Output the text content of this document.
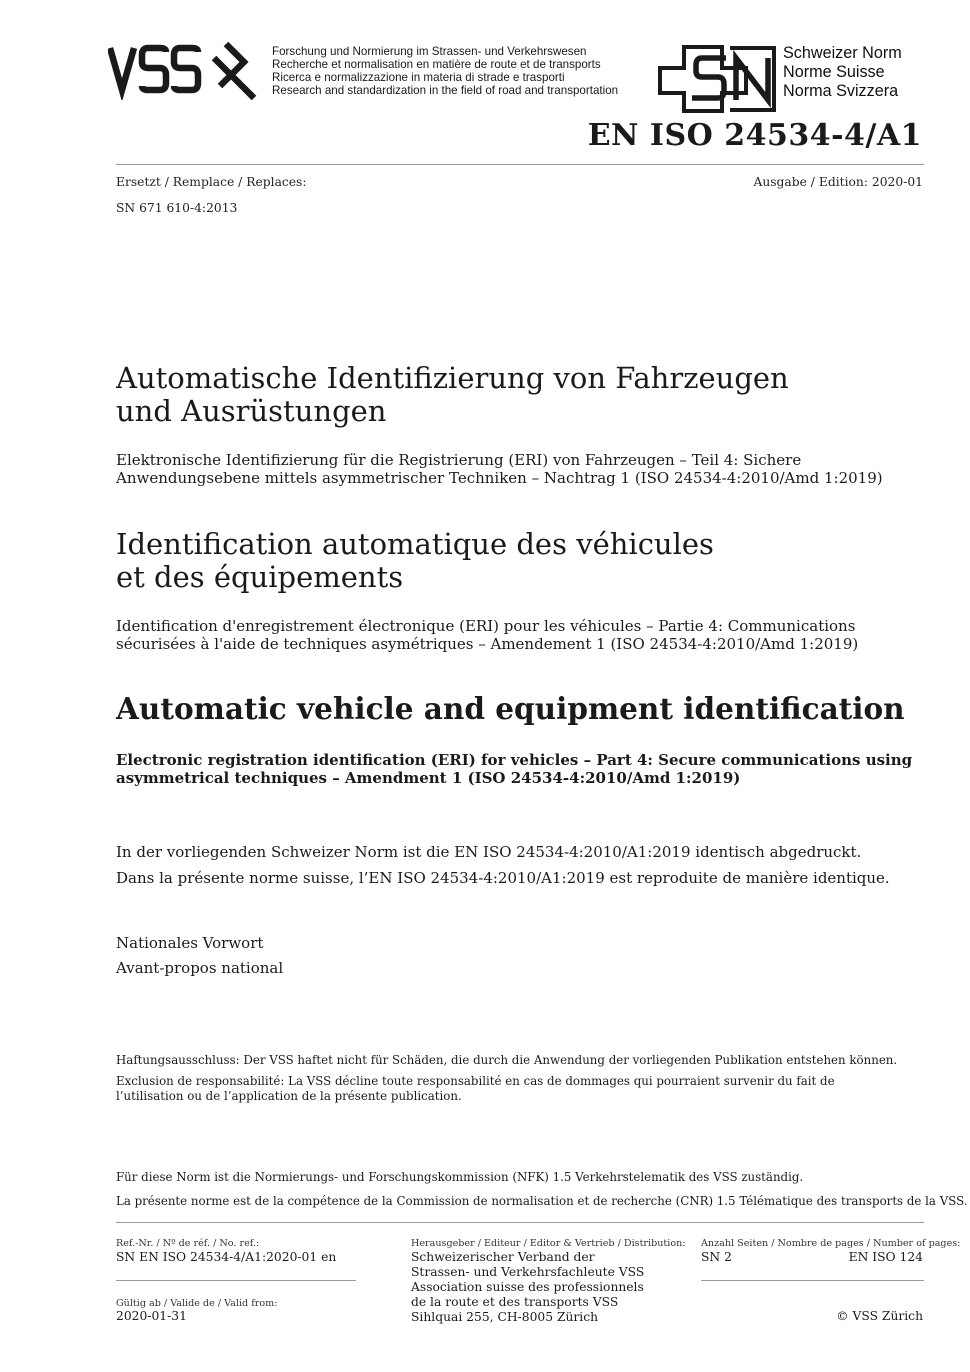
Forschung und Normierung im Strassen- und Verkehrswesen
Recherche et normalisation en matière de route et de transports
Ricerca e normalizzazione in materia di strade e trasporti
Research and standardization in the field of road and transportation
Schweizer Norm
Norme Suisse
Norma Svizzera
EN ISO 24534-4/A1
Ersetzt / Remplace / Replaces:	Ausgabe / Edition: 2020-01
SN 671 610-4:2013
Automatische Identifizierung von Fahrzeugen
und Ausrüstungen
Elektronische Identifizierung für die Registrierung (ERI) von Fahrzeugen – Teil 4: Sichere Anwendungsebene mittels asymmetrischer Techniken – Nachtrag 1 (ISO 24534-4:2010/Amd 1:2019)
Identification automatique des véhicules
et des équipements
Identification d'enregistrement électronique (ERI) pour les véhicules – Partie 4: Communications sécurisées à l'aide de techniques asymétriques – Amendement 1 (ISO 24534-4:2010/Amd 1:2019)
Automatic vehicle and equipment identification
Electronic registration identification (ERI) for vehicles – Part 4: Secure communications using asymmetrical techniques – Amendment 1 (ISO 24534-4:2010/Amd 1:2019)
In der vorliegenden Schweizer Norm ist die EN ISO 24534-4:2010/A1:2019 identisch abgedruckt.
Dans la présente norme suisse, l’EN ISO 24534-4:2010/A1:2019 est reproduite de manière identique.
Nationales Vorwort
Avant-propos national
Haftungsausschluss: Der VSS haftet nicht für Schäden, die durch die Anwendung der vorliegenden Publikation entstehen können.
Exclusion de responsabilité: La VSS décline toute responsabilité en cas de dommages qui pourraient survenir du fait de l’utilisation ou de l’application de la présente publication.
Für diese Norm ist die Normierungs- und Forschungskommission (NFK) 1.5 Verkehrstelematik des VSS zuständig.
La présente norme est de la compétence de la Commission de normalisation et de recherche (CNR) 1.5 Télématique des transports de la VSS.
Ref.-Nr. / Nº de réf. / No. ref.:
SN EN ISO 24534-4/A1:2020-01 en
Gültig ab / Valide de / Valid from:
2020-01-31
Herausgeber / Editeur / Editor & Vertrieb / Distribution:
Schweizerischer Verband der
Strassen- und Verkehrsfachleute VSS
Association suisse des professionnels
de la route et des transports VSS
Sihlquai 255, CH-8005 Zürich
Anzahl Seiten / Nombre de pages / Number of pages:
SN 2	EN ISO 124
© VSS Zürich
